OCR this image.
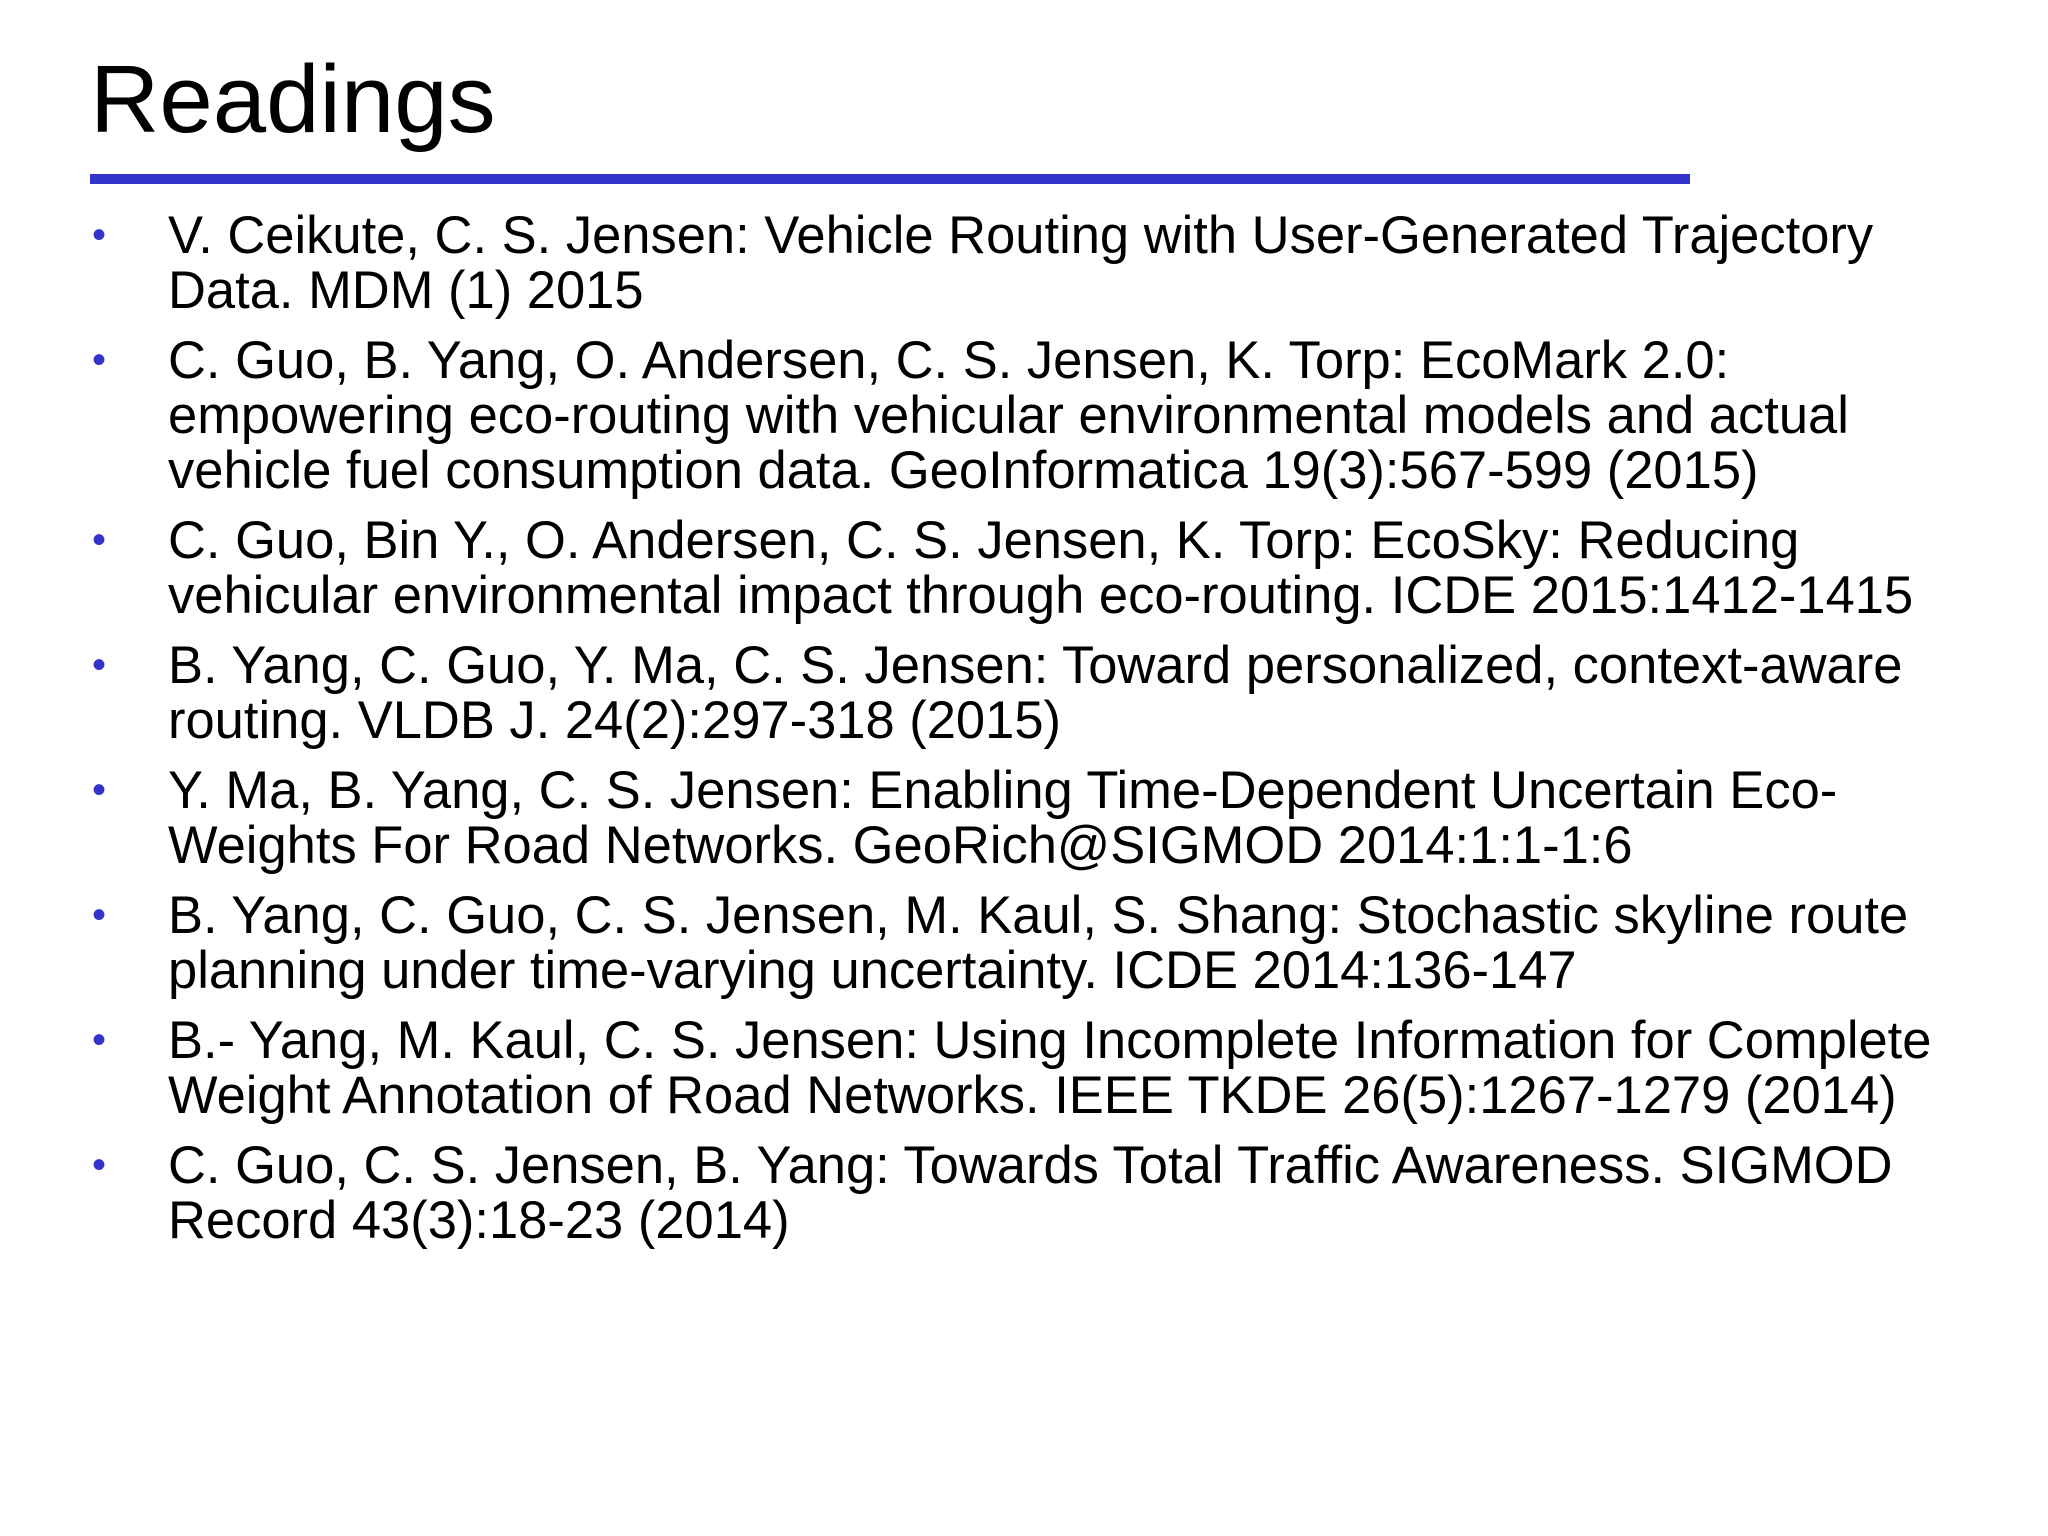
Readings
• V. Ceikute, C. S. Jensen: Vehicle Routing with User-Generated Trajectory Data. MDM (1) 2015
• C. Guo, B. Yang, O. Andersen, C. S. Jensen, K. Torp: EcoMark 2.0: empowering eco-routing with vehicular environmental models and actual vehicle fuel consumption data. GeoInformatica 19(3):567-599 (2015)
• C. Guo, Bin Y., O. Andersen, C. S. Jensen, K. Torp: EcoSky: Reducing vehicular environmental impact through eco-routing. ICDE 2015:1412-1415
• B. Yang, C. Guo, Y. Ma, C. S. Jensen: Toward personalized, context-aware routing. VLDB J. 24(2):297-318 (2015)
• Y. Ma, B. Yang, C. S. Jensen: Enabling Time-Dependent Uncertain Eco-Weights For Road Networks. GeoRich@SIGMOD 2014:1:1-1:6
• B. Yang, C. Guo, C. S. Jensen, M. Kaul, S. Shang: Stochastic skyline route planning under time-varying uncertainty. ICDE 2014:136-147
• B.- Yang, M. Kaul, C. S. Jensen: Using Incomplete Information for Complete Weight Annotation of Road Networks. IEEE TKDE 26(5):1267-1279 (2014)
• C. Guo, C. S. Jensen, B. Yang: Towards Total Traffic Awareness. SIGMOD Record 43(3):18-23 (2014)
